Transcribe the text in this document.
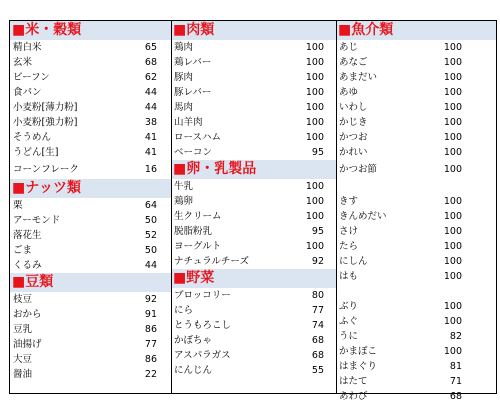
■米・穀類
精白米	65
玄米	68
ビーフン	62
食パン	44
小麦粉[薄力粉]	44
小麦粉[強力粉]	38
そうめん	41
うどん[生]	41
コーンフレーク	16
■ナッツ類
栗	64
アーモンド	50
落花生	52
ごま	50
くるみ	44
■豆類
枝豆	92
おから	91
豆乳	86
油揚げ	77
大豆	86
醤油	22
■肉類
鶏肉	100
鶏レバー	100
豚肉	100
豚レバー	100
馬肉	100
山羊肉	100
ロースハム	100
ベーコン	95
■卵・乳製品
牛乳	100
鶏卵	100
生クリーム	100
脱脂粉乳	95
ヨーグルト	100
ナチュラルチーズ	92
■野菜
ブロッコリー	80
にら	77
とうもろこし	74
かぼちゃ	68
アスパラガス	68
にんじん	55
■魚介類
あじ	100
あなご	100
あまだい	100
あゆ	100
いわし	100
かじき	100
かつお	100
かれい	100
かつお節	100
きす	100
きんめだい	100
さけ	100
たら	100
にしん	100
はも	100
ぶり	100
ふぐ	100
うに	82
かまぼこ	100
はまぐり	81
はたて	71
あわび	68
